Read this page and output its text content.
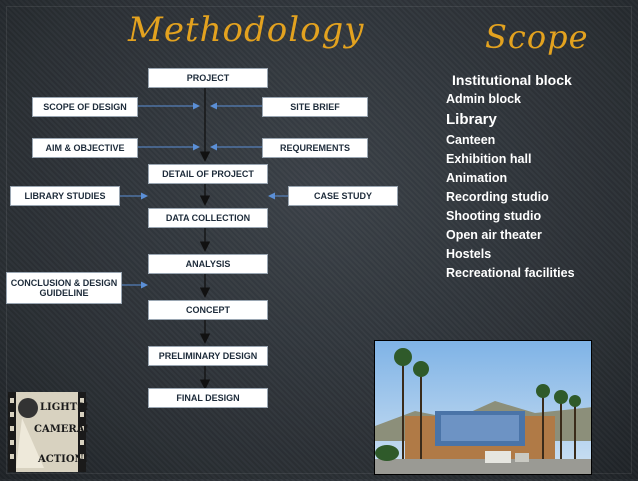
Methodology	Scope
PROJECT
DETAIL OF PROJECT
DATA COLLECTION
ANALYSIS
CONCEPT
PRELIMINARY DESIGN
FINAL DESIGN
SCOPE OF DESIGN
AIM & OBJECTIVE
LIBRARY STUDIES
CONCLUSION & DESIGN GUIDELINE
SITE BRIEF
REQUREMENTS
CASE STUDY
Institutional block
Admin block
Library
Canteen
Exhibition hall
Animation
Recording studio
Shooting studio
Open air theater
Hostels
Recreational facilities
LIGHTS!
CAMERA!
ACTION!
